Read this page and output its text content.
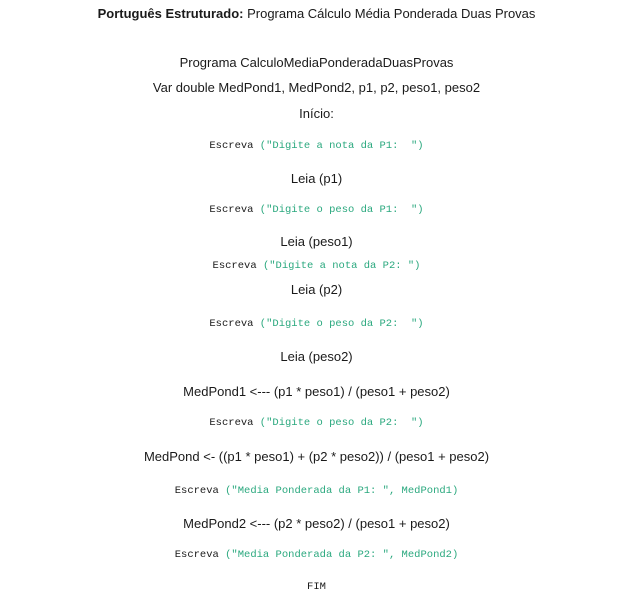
Português Estruturado: Programa Cálculo Média Ponderada Duas Provas
Programa CalculoMediaPonderadaDuasProvas
Var double MedPond1, MedPond2, p1, p2, peso1, peso2
Início:
Escreva ("Digite a nota da P1:  ")
Leia (p1)
Escreva ("Digite o peso da P1:  ")
Leia (peso1)
Escreva ("Digite a nota da P2: ")
Leia (p2)
Escreva ("Digite o peso da P2:  ")
Leia (peso2)
MedPond1 <--- (p1 * peso1) / (peso1 + peso2)
Escreva ("Digite o peso da P2:  ")
MedPond <- ((p1 * peso1) + (p2 * peso2)) / (peso1 + peso2)
Escreva ("Media Ponderada da P1: ", MedPond1)
MedPond2 <--- (p2 * peso2) / (peso1 + peso2)
Escreva ("Media Ponderada da P2: ", MedPond2)
FIM
